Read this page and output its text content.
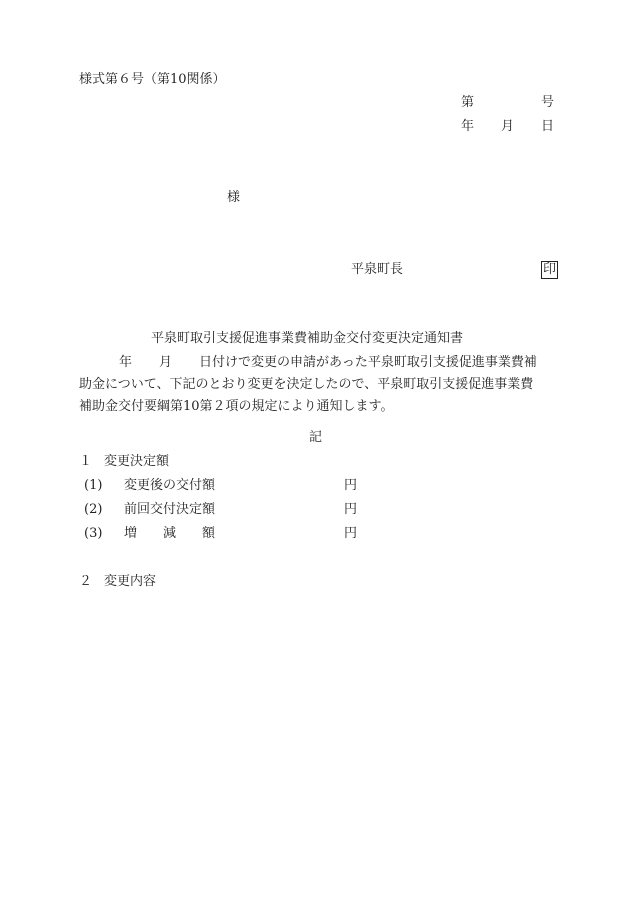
様式第６号（第10関係）
第	号
年 月 日
様
平泉町長	印
平泉町取引支援促進事業費補助金交付変更決定通知書
年 月 日付けで変更の申請があった平泉町取引支援促進事業費補
助金について、下記のとおり変更を決定したので、平泉町取引支援促進事業費
補助金交付要綱第10第２項の規定により通知します。
記
１ 変更決定額
(1) 変更後の交付額	円
(2) 前回交付決定額	円
(3) 増　　減　　額	円
２ 変更内容
